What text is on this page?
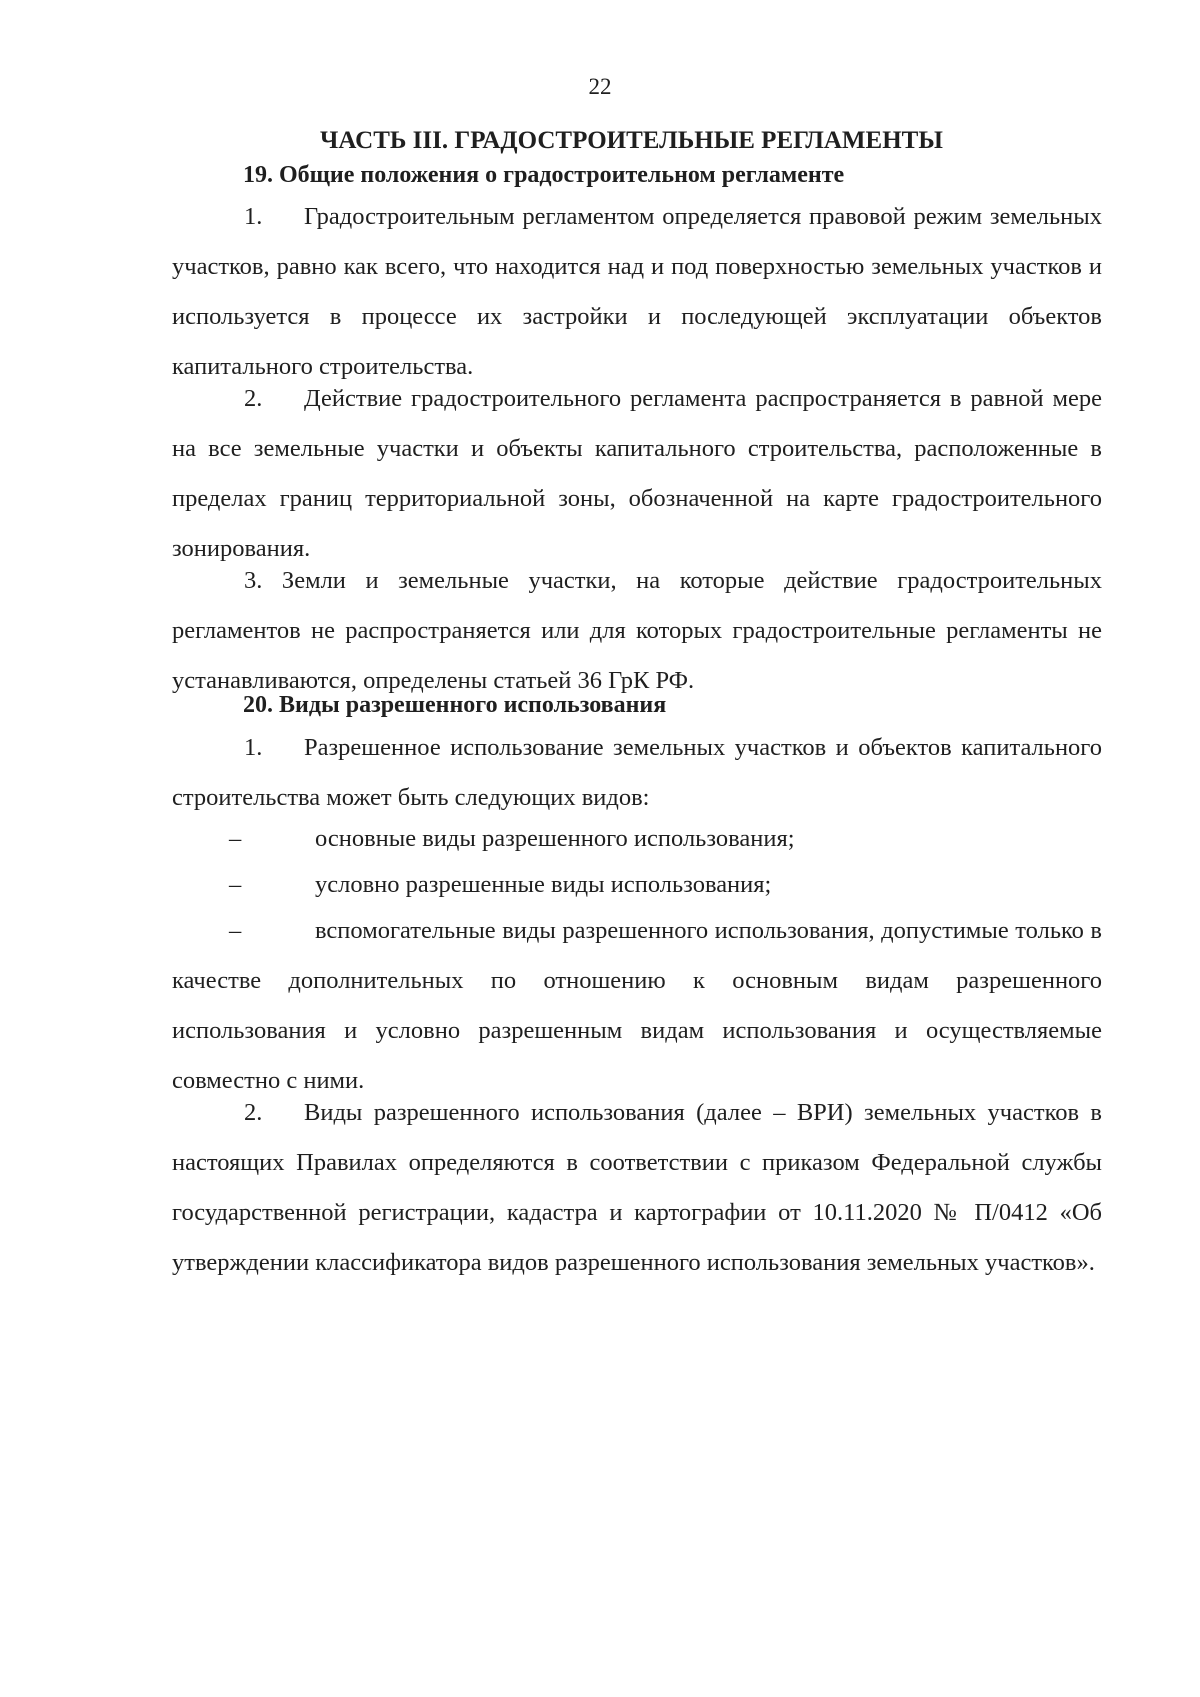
22
ЧАСТЬ III. ГРАДОСТРОИТЕЛЬНЫЕ РЕГЛАМЕНТЫ
19. Общие положения о градостроительном регламенте

1. Градостроительным регламентом определяется правовой режим земельных участков, равно как всего, что находится над и под поверхностью земельных участков и используется в процессе их застройки и последующей эксплуатации объектов капитального строительства.

2. Действие градостроительного регламента распространяется в равной мере на все земельные участки и объекты капитального строительства, расположенные в пределах границ территориальной зоны, обозначенной на карте градостроительного зонирования.

3. Земли и земельные участки, на которые действие градостроительных регламентов не распространяется или для которых градостроительные регламенты не устанавливаются, определены статьей 36 ГрК РФ.

20. Виды разрешенного использования

1. Разрешенное использование земельных участков и объектов капитального строительства может быть следующих видов:

–	основные виды разрешенного использования;
–	условно разрешенные виды использования;

–	вспомогательные виды разрешенного использования, допустимые только в качестве дополнительных по отношению к основным видам разрешенного использования и условно разрешенным видам использования и осуществляемые совместно с ними.

2. Виды разрешенного использования (далее – ВРИ) земельных участков в настоящих Правилах определяются в соответствии с приказом Федеральной службы государственной регистрации, кадастра и картографии от 10.11.2020 № П/0412 «Об утверждении классификатора видов разрешенного использования земельных участков».
